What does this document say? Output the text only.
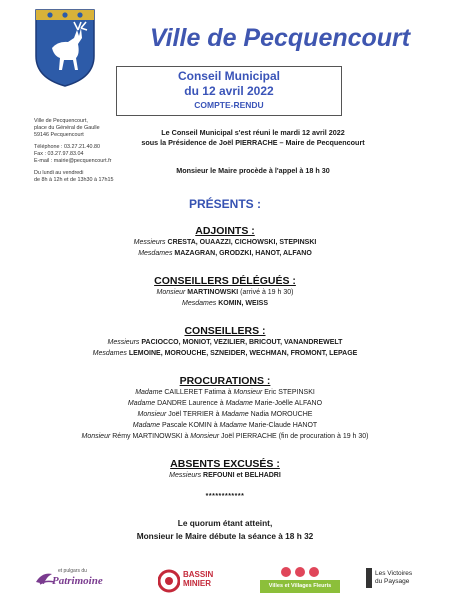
Ville de Pecquencourt
Conseil Municipal
du 12 avril 2022
COMPTE-RENDU
Ville de Pecquencourt,
place du Général de Gaulle
59146 Pecquencourt
Téléphone : 03.27.21.40.80
Fax : 03.27.97.83.04
E-mail : mairie@pecquencourt.fr
Du lundi au vendredi
de 8h à 12h et de 13h30 à 17h15
Le Conseil Municipal s'est réuni le mardi 12 avril 2022
sous la Présidence de Joël PIERRACHE – Maire de Pecquencourt
Monsieur le Maire procède à l'appel à 18 h 30
PRÉSENTS :
ADJOINTS :
Messieurs CRESTA, OUAAZZI, CICHOWSKI, STEPINSKI
Mesdames MAZAGRAN, GRODZKI, HANOT, ALFANO
CONSEILLERS DÉLÉGUÉS :
Monsieur MARTINOWSKI (arrivé à 19 h 30)
Mesdames KOMIN, WEISS
CONSEILLERS :
Messieurs PACIOCCO, MONIOT, VEZILIER, BRICOUT, VANANDREWELT
Mesdames LEMOINE, MOROUCHE, SZNEIDER, WECHMAN, FROMONT, LEPAGE
PROCURATIONS :
Madame CAILLERET Fatima à Monsieur Eric STEPINSKI
Madame DANDRE Laurence à Madame Marie-Joëlle ALFANO
Monsieur Joël TERRIER à Madame Nadia MOROUCHE
Madame Pascale KOMIN à Madame Marie-Claude HANOT
Monsieur Rémy MARTINOWSKI à Monsieur Joël PIERRACHE (fin de procuration à 19 h 30)
ABSENTS EXCUSÉS :
Messieurs REFOUNI et BELHADRI
************
Le quorum étant atteint,
Monsieur le Maire débute la séance à 18 h 32
et pulgars du
Patrimoine
BASSIN
MINIER	Villes et Villages Fleuris
Les Victoires
du Paysage
